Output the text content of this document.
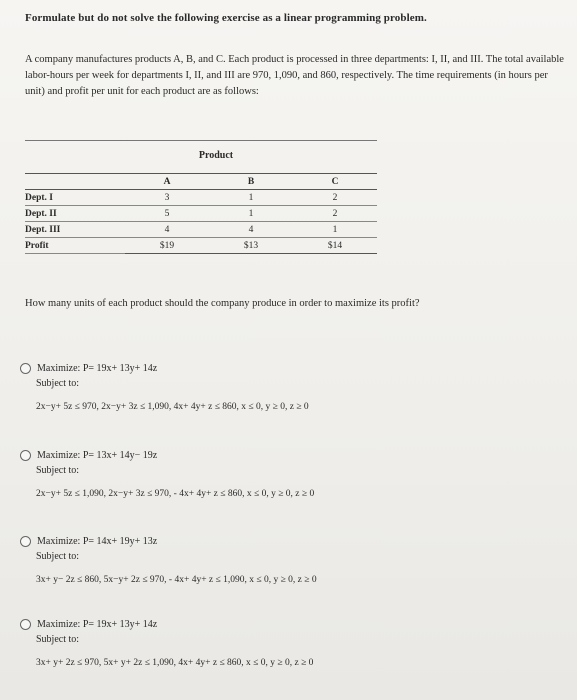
Formulate but do not solve the following exercise as a linear programming problem.
A company manufactures products A, B, and C. Each product is processed in three departments: I, II, and III. The total available labor-hours per week for departments I, II, and III are 970, 1,090, and 860, respectively. The time requirements (in hours per unit) and profit per unit for each product are as follows:
Product
	A	B	C
Dept. I	3	1	2
Dept. II	5	1	2
Dept. III	4	4	1
Profit	$19	$13	$14
How many units of each product should the company produce in order to maximize its profit?
Maximize: P= 19x+ 13y+ 14z
Subject to:
2x−y+ 5z ≤ 970, 2x−y+ 3z ≤ 1,090, 4x+ 4y+ z ≤ 860, x ≤ 0, y ≥ 0, z ≥ 0
Maximize: P= 13x+ 14y− 19z
Subject to:
2x−y+ 5z ≤ 1,090, 2x−y+ 3z ≤ 970, - 4x+ 4y+ z ≤ 860, x ≤ 0, y ≥ 0, z ≥ 0
Maximize: P= 14x+ 19y+ 13z
Subject to:
3x+ y− 2z ≤ 860, 5x−y+ 2z ≤ 970, - 4x+ 4y+ z ≤ 1,090, x ≤ 0, y ≥ 0, z ≥ 0
Maximize: P= 19x+ 13y+ 14z
Subject to:
3x+ y+ 2z ≤ 970, 5x+ y+ 2z ≤ 1,090, 4x+ 4y+ z ≤ 860, x ≤ 0, y ≥ 0, z ≥ 0
